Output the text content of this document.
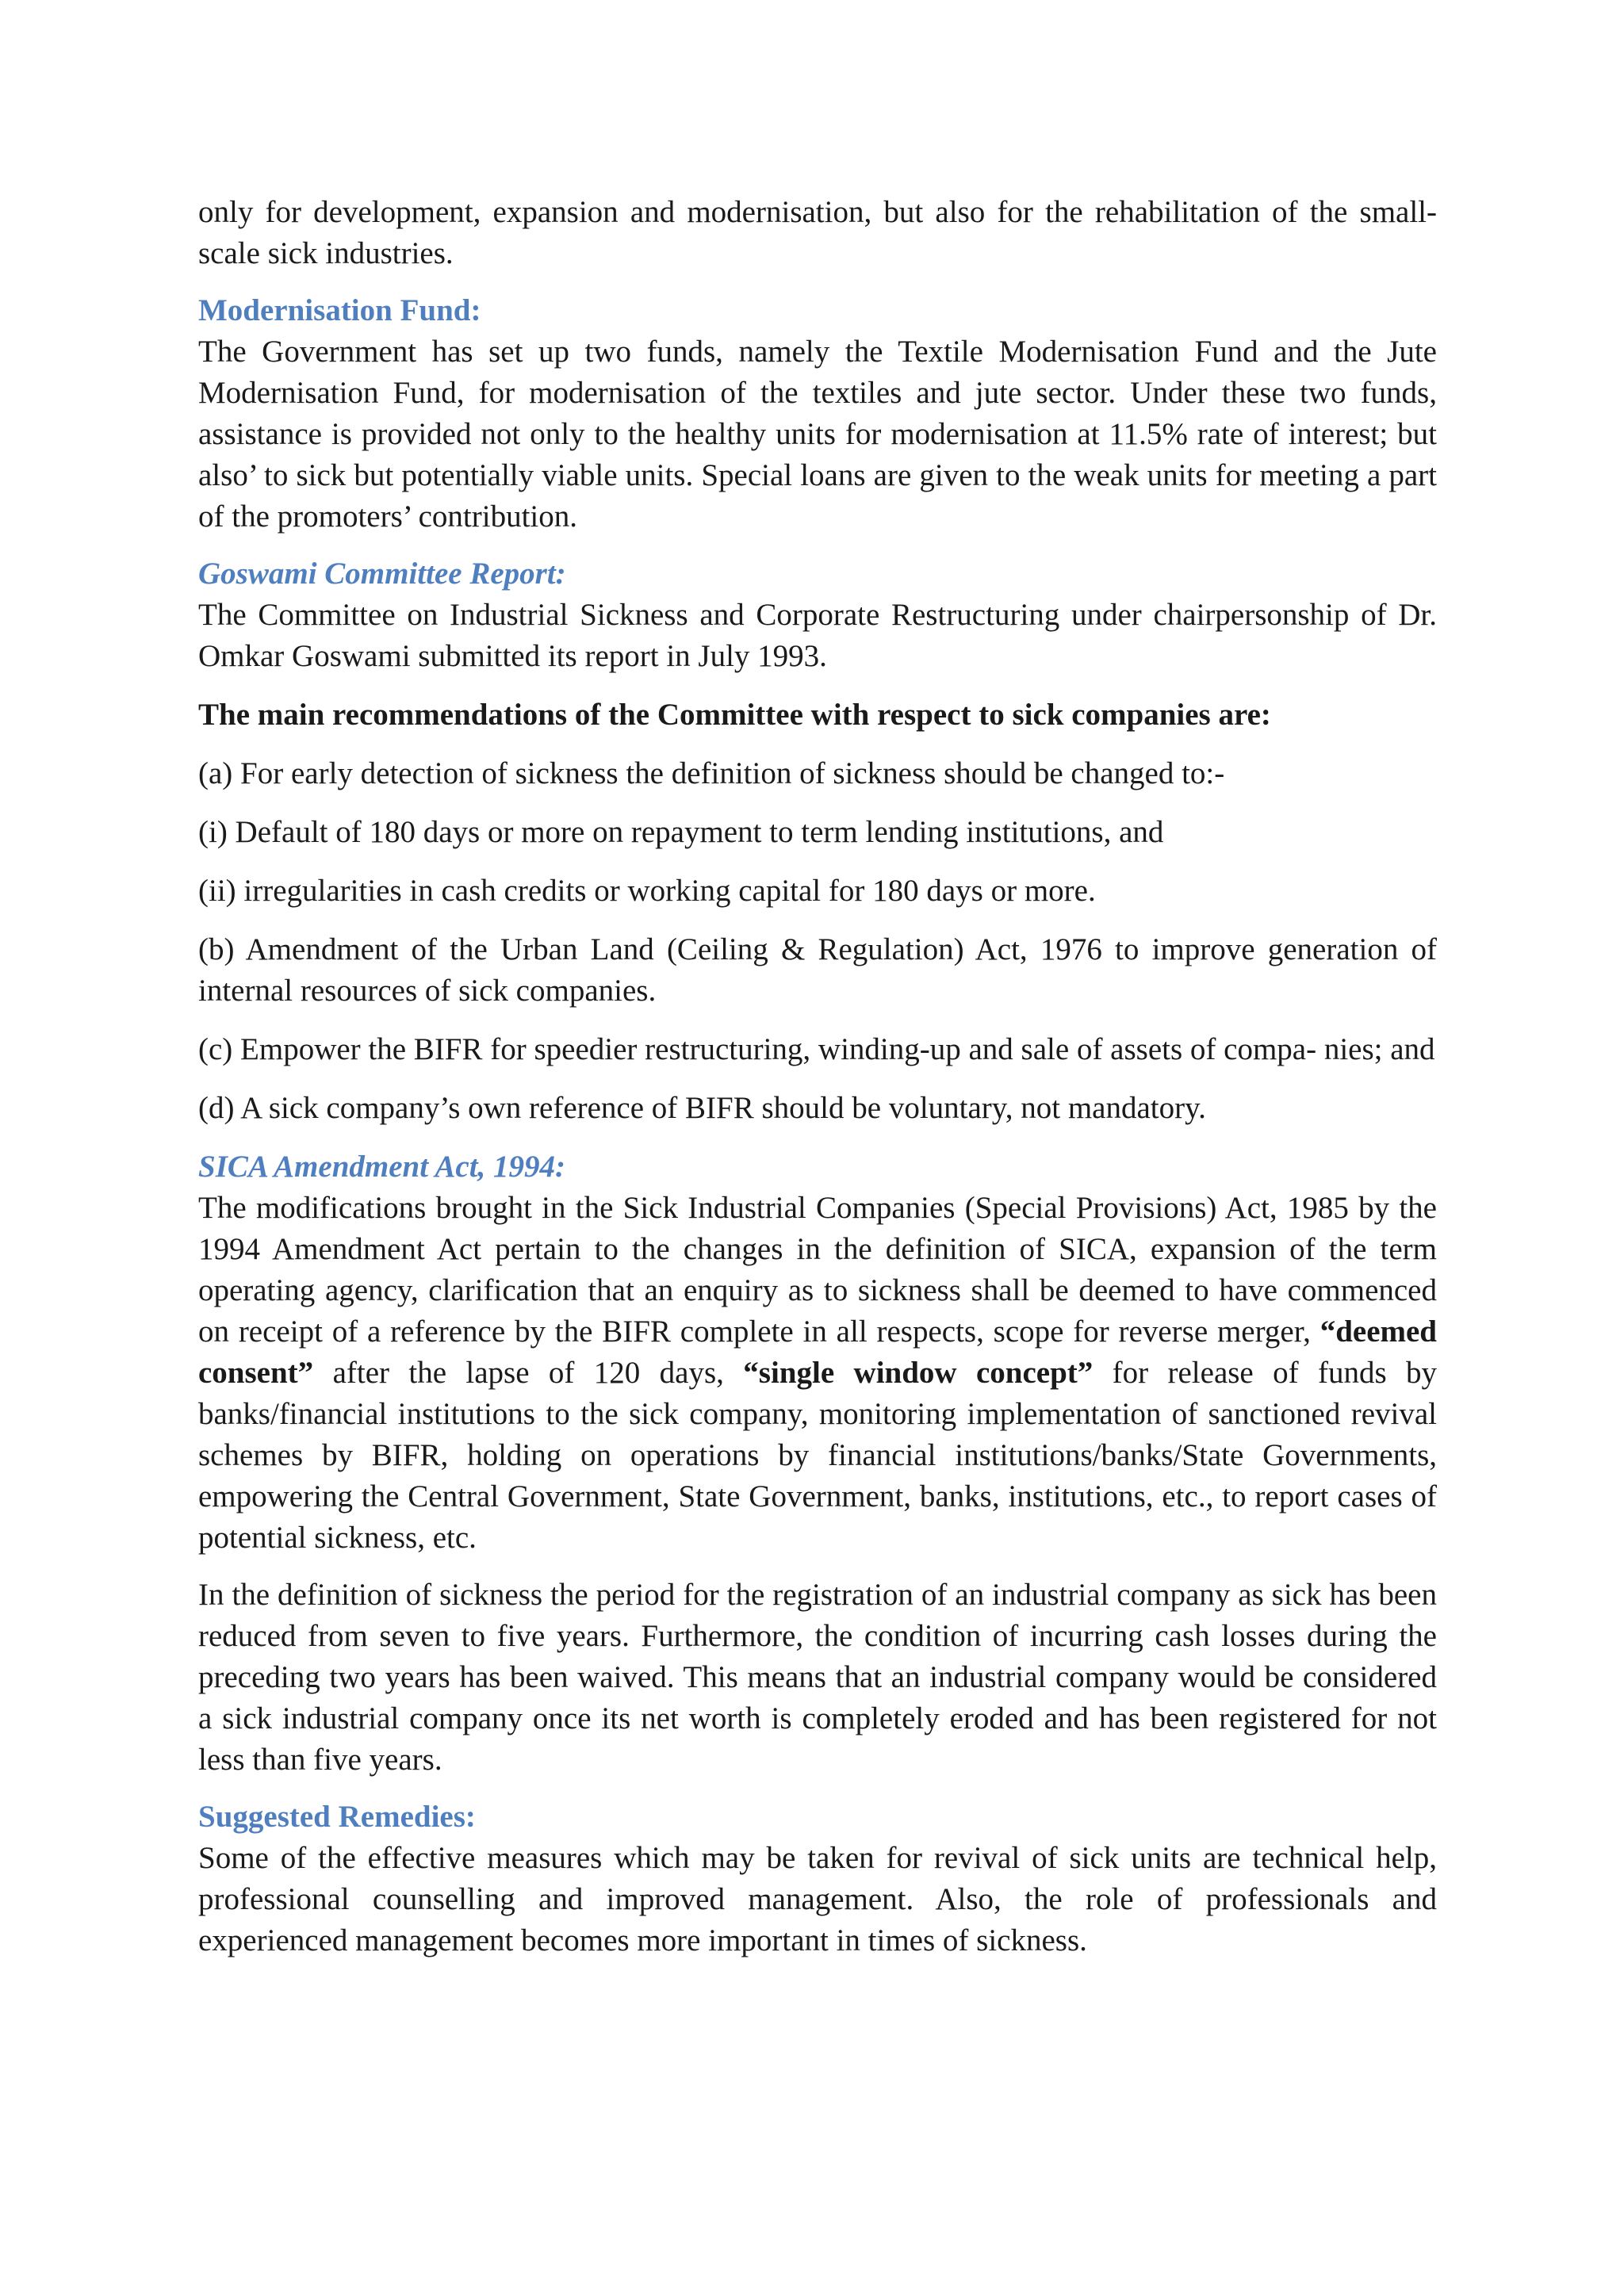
only for development, expansion and modernisation, but also for the rehabilitation of the small-scale sick industries.

Modernisation Fund:

The Government has set up two funds, namely the Textile Modernisation Fund and the Jute Modernisation Fund, for modernisation of the textiles and jute sector. Under these two funds, assistance is provided not only to the healthy units for modernisation at 11.5% rate of interest; but also’ to sick but potentially viable units. Special loans are given to the weak units for meeting a part of the promoters’ contribution.

Goswami Committee Report:

The Committee on Industrial Sickness and Corporate Restructuring under chairpersonship of Dr. Omkar Goswami submitted its report in July 1993.

The main recommendations of the Committee with respect to sick companies are:

(a) For early detection of sickness the definition of sickness should be changed to:-

(i) Default of 180 days or more on repayment to term lending institutions, and

(ii) irregularities in cash credits or working capital for 180 days or more.

(b) Amendment of the Urban Land (Ceiling & Regulation) Act, 1976 to improve generation of internal resources of sick companies.

(c) Empower the BIFR for speedier restructuring, winding-up and sale of assets of compa- nies; and

(d) A sick company’s own reference of BIFR should be voluntary, not mandatory.

SICA Amendment Act, 1994:

The modifications brought in the Sick Industrial Companies (Special Provisions) Act, 1985 by the 1994 Amendment Act pertain to the changes in the definition of SICA, expansion of the term operating agency, clarification that an enquiry as to sickness shall be deemed to have commenced on receipt of a reference by the BIFR complete in all respects, scope for reverse merger, “deemed consent” after the lapse of 120 days, “single window concept” for release of funds by banks/financial institutions to the sick company, monitoring implementation of sanctioned revival schemes by BIFR, holding on operations by financial institutions/banks/State Governments, empowering the Central Government, State Government, banks, institutions, etc., to report cases of potential sickness, etc.

In the definition of sickness the period for the registration of an industrial company as sick has been reduced from seven to five years. Furthermore, the condition of incurring cash losses during the preceding two years has been waived. This means that an industrial company would be considered a sick industrial company once its net worth is completely eroded and has been registered for not less than five years.

Suggested Remedies:

Some of the effective measures which may be taken for revival of sick units are technical help, professional counselling and improved management. Also, the role of professionals and experienced management becomes more important in times of sickness.
